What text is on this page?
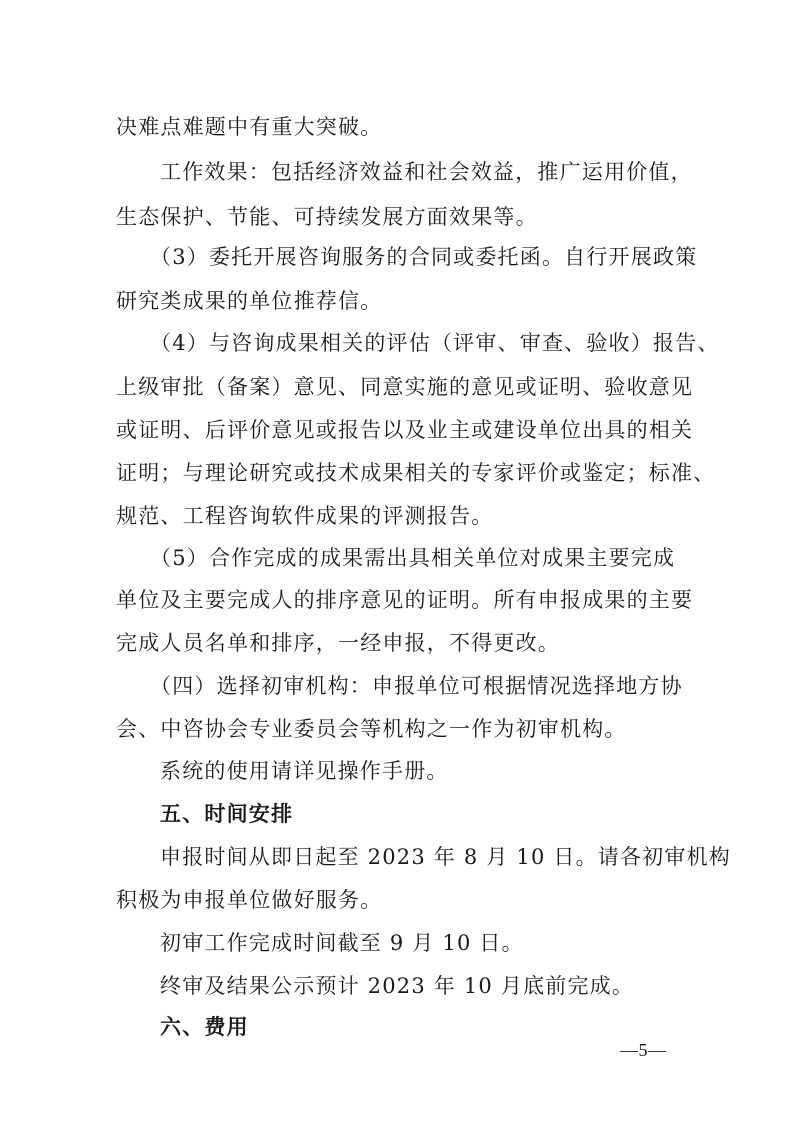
决难点难题中有重大突破。
工作效果：包括经济效益和社会效益，推广运用价值，
生态保护、节能、可持续发展方面效果等。
（3）委托开展咨询服务的合同或委托函。自行开展政策
研究类成果的单位推荐信。
（4）与咨询成果相关的评估（评审、审查、验收）报告、
上级审批（备案）意见、同意实施的意见或证明、验收意见
或证明、后评价意见或报告以及业主或建设单位出具的相关
证明；与理论研究或技术成果相关的专家评价或鉴定；标准、
规范、工程咨询软件成果的评测报告。
（5）合作完成的成果需出具相关单位对成果主要完成
单位及主要完成人的排序意见的证明。所有申报成果的主要
完成人员名单和排序，一经申报，不得更改。
（四）选择初审机构：申报单位可根据情况选择地方协
会、中咨协会专业委员会等机构之一作为初审机构。
系统的使用请详见操作手册。
五、时间安排
申报时间从即日起至 2023 年 8 月 10 日。请各初审机构
积极为申报单位做好服务。
初审工作完成时间截至 9 月 10 日。
终审及结果公示预计 2023 年 10 月底前完成。
六、费用
—5—
